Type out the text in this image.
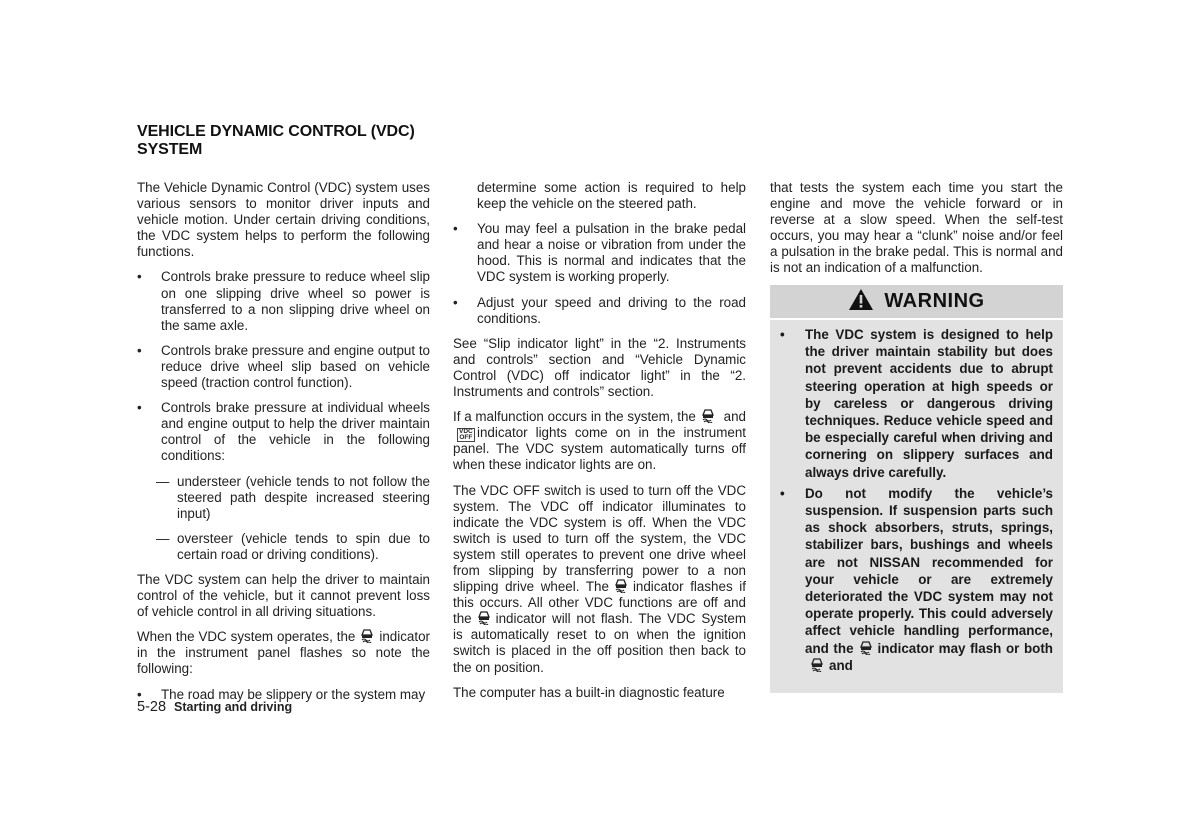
VEHICLE DYNAMIC CONTROL (VDC)
SYSTEM

The Vehicle Dynamic Control (VDC) system uses various sensors to monitor driver inputs and vehicle motion. Under certain driving conditions, the VDC system helps to perform the following functions.

• Controls brake pressure to reduce wheel slip on one slipping drive wheel so power is transferred to a non slipping drive wheel on the same axle.

• Controls brake pressure and engine output to reduce drive wheel slip based on vehicle speed (traction control function).

• Controls brake pressure at individual wheels and engine output to help the driver maintain control of the vehicle in the following conditions:

— understeer (vehicle tends to not follow the steered path despite increased steering input)

— oversteer (vehicle tends to spin due to certain road or driving conditions).

The VDC system can help the driver to maintain control of the vehicle, but it cannot prevent loss of vehicle control in all driving situations.

When the VDC system operates, the indicator in the instrument panel flashes so note the following:

• The road may be slippery or the system may

determine some action is required to help keep the vehicle on the steered path.

• You may feel a pulsation in the brake pedal and hear a noise or vibration from under the hood. This is normal and indicates that the VDC system is working properly.

• Adjust your speed and driving to the road conditions.

See “Slip indicator light” in the “2. Instruments and controls” section and “Vehicle Dynamic Control (VDC) off indicator light” in the “2. Instruments and controls” section.

If a malfunction occurs in the system, the andVDC
OFF indicator lights come on in the instrument panel. The VDC system automatically turns off when these indicator lights are on.

The VDC OFF switch is used to turn off the VDC system. The VDC off indicator illuminates to indicate the VDC system is off. When the VDC switch is used to turn off the system, the VDC system still operates to prevent one drive wheel from slipping by transferring power to a non slipping drive wheel. The indicator flashes if this occurs. All other VDC functions are off and the indicator will not flash. The VDC System is automatically reset to on when the ignition switch is placed in the off position then back to the on position.

The computer has a built-in diagnostic feature

that tests the system each time you start the engine and move the vehicle forward or in reverse at a slow speed. When the self-test occurs, you may hear a “clunk” noise and/or feel a pulsation in the brake pedal. This is normal and is not an indication of a malfunction.

WARNING

• The VDC system is designed to help the driver maintain stability but does not prevent accidents due to abrupt steering operation at high speeds or by careless or dangerous driving techniques. Reduce vehicle speed and be especially careful when driving and cornering on slippery surfaces and always drive carefully.

• Do not modify the vehicle’s suspension. If suspension parts such as shock absorbers, struts, springs, stabilizer bars, bushings and wheels are not NISSAN recommended for your vehicle or are extremely deteriorated the VDC system may not operate properly. This could adversely affect vehicle handling performance, and the indicator may flash or both
and

5-28 Starting and driving
